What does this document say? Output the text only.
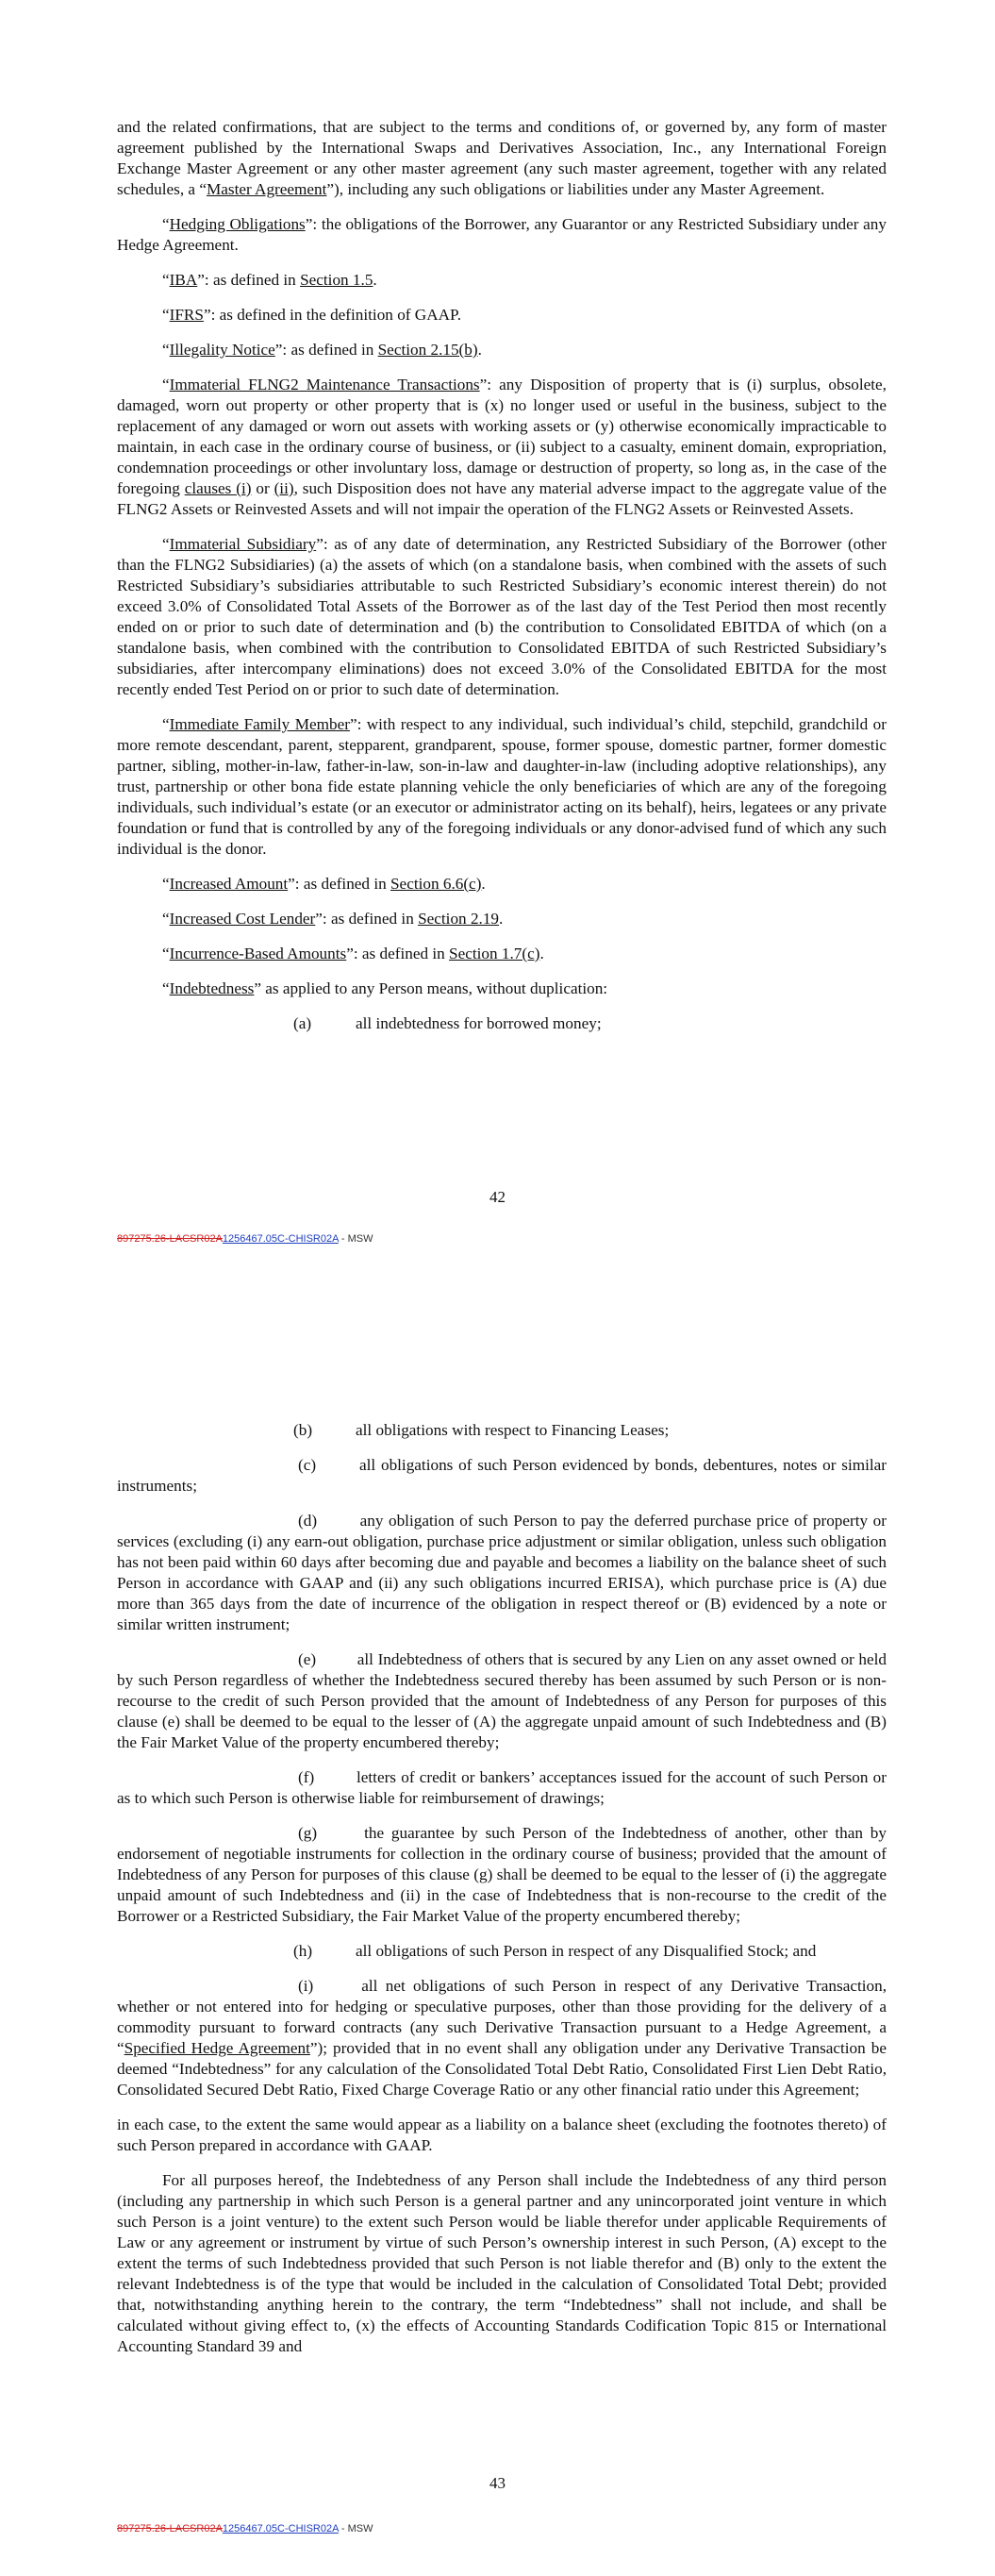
and the related confirmations, that are subject to the terms and conditions of, or governed by, any form of master agreement published by the International Swaps and Derivatives Association, Inc., any International Foreign Exchange Master Agreement or any other master agreement (any such master agreement, together with any related schedules, a “Master Agreement”), including any such obligations or liabilities under any Master Agreement.

“Hedging Obligations”: the obligations of the Borrower, any Guarantor or any Restricted Subsidiary under any Hedge Agreement.

“IBA”: as defined in Section 1.5.

“IFRS”: as defined in the definition of GAAP.

“Illegality Notice”: as defined in Section 2.15(b).

“Immaterial FLNG2 Maintenance Transactions”: any Disposition of property that is (i) surplus, obsolete, damaged, worn out property or other property that is (x) no longer used or useful in the business, subject to the replacement of any damaged or worn out assets with working assets or (y) otherwise economically impracticable to maintain, in each case in the ordinary course of business, or (ii) subject to a casualty, eminent domain, expropriation, condemnation proceedings or other involuntary loss, damage or destruction of property, so long as, in the case of the foregoing clauses (i) or (ii), such Disposition does not have any material adverse impact to the aggregate value of the FLNG2 Assets or Reinvested Assets and will not impair the operation of the FLNG2 Assets or Reinvested Assets.

“Immaterial Subsidiary”: as of any date of determination, any Restricted Subsidiary of the Borrower (other than the FLNG2 Subsidiaries) (a) the assets of which (on a standalone basis, when combined with the assets of such Restricted Subsidiary’s subsidiaries attributable to such Restricted Subsidiary’s economic interest therein) do not exceed 3.0% of Consolidated Total Assets of the Borrower as of the last day of the Test Period then most recently ended on or prior to such date of determination and (b) the contribution to Consolidated EBITDA of which (on a standalone basis, when combined with the contribution to Consolidated EBITDA of such Restricted Subsidiary’s subsidiaries, after intercompany eliminations) does not exceed 3.0% of the Consolidated EBITDA for the most recently ended Test Period on or prior to such date of determination.

“Immediate Family Member”: with respect to any individual, such individual’s child, stepchild, grandchild or more remote descendant, parent, stepparent, grandparent, spouse, former spouse, domestic partner, former domestic partner, sibling, mother-in-law, father-in-law, son-in-law and daughter-in-law (including adoptive relationships), any trust, partnership or other bona fide estate planning vehicle the only beneficiaries of which are any of the foregoing individuals, such individual’s estate (or an executor or administrator acting on its behalf), heirs, legatees or any private foundation or fund that is controlled by any of the foregoing individuals or any donor-advised fund of which any such individual is the donor.

“Increased Amount”: as defined in Section 6.6(c).

“Increased Cost Lender”: as defined in Section 2.19.

“Incurrence-Based Amounts”: as defined in Section 1.7(c).

“Indebtedness” as applied to any Person means, without duplication:

(a)	all indebtedness for borrowed money;
42
897275.26-LACSR02A1256467.05C-CHISR02A - MSW
(b)	all obligations with respect to Financing Leases;

(c)  	all obligations of such Person evidenced by bonds, debentures, notes or similar instruments;

(d)  	any obligation of such Person to pay the deferred purchase price of property or services (excluding (i) any earn-out obligation, purchase price adjustment or similar obligation, unless such obligation has not been paid within 60 days after becoming due and payable and becomes a liability on the balance sheet of such Person in accordance with GAAP and (ii) any such obligations incurred ERISA), which purchase price is (A) due more than 365 days from the date of incurrence of the obligation in respect thereof or (B) evidenced by a note or similar written instrument;

(e)  	all Indebtedness of others that is secured by any Lien on any asset owned or held by such Person regardless of whether the Indebtedness secured thereby has been assumed by such Person or is non-recourse to the credit of such Person provided that the amount of Indebtedness of any Person for purposes of this clause (e) shall be deemed to be equal to the lesser of (A) the aggregate unpaid amount of such Indebtedness and (B) the Fair Market Value of the property encumbered thereby;

(f)  	letters of credit or bankers’ acceptances issued for the account of such Person or as to which such Person is otherwise liable for reimbursement of drawings;

(g)  	the guarantee by such Person of the Indebtedness of another, other than by endorsement of negotiable instruments for collection in the ordinary course of business; provided that the amount of Indebtedness of any Person for purposes of this clause (g) shall be deemed to be equal to the lesser of (i) the aggregate unpaid amount of such Indebtedness and (ii) in the case of Indebtedness that is non-recourse to the credit of the Borrower or a Restricted Subsidiary, the Fair Market Value of the property encumbered thereby;

(h)	all obligations of such Person in respect of any Disqualified Stock; and

(i)  	all net obligations of such Person in respect of any Derivative Transaction, whether or not entered into for hedging or speculative purposes, other than those providing for the delivery of a commodity pursuant to forward contracts (any such Derivative Transaction pursuant to a Hedge Agreement, a “Specified Hedge Agreement”); provided that in no event shall any obligation under any Derivative Transaction be deemed “Indebtedness” for any calculation of the Consolidated Total Debt Ratio, Consolidated First Lien Debt Ratio, Consolidated Secured Debt Ratio, Fixed Charge Coverage Ratio or any other financial ratio under this Agreement;

in each case, to the extent the same would appear as a liability on a balance sheet (excluding the footnotes thereto) of such Person prepared in accordance with GAAP.

For all purposes hereof, the Indebtedness of any Person shall include the Indebtedness of any third person (including any partnership in which such Person is a general partner and any unincorporated joint venture in which such Person is a joint venture) to the extent such Person would be liable therefor under applicable Requirements of Law or any agreement or instrument by virtue of such Person’s ownership interest in such Person, (A) except to the extent the terms of such Indebtedness provided that such Person is not liable therefor and (B) only to the extent the relevant Indebtedness is of the type that would be included in the calculation of Consolidated Total Debt; provided that, notwithstanding anything herein to the contrary, the term “Indebtedness” shall not include, and shall be calculated without giving effect to, (x) the effects of Accounting Standards Codification Topic 815 or International Accounting Standard 39 and

43
897275.26-LACSR02A1256467.05C-CHISR02A - MSW
